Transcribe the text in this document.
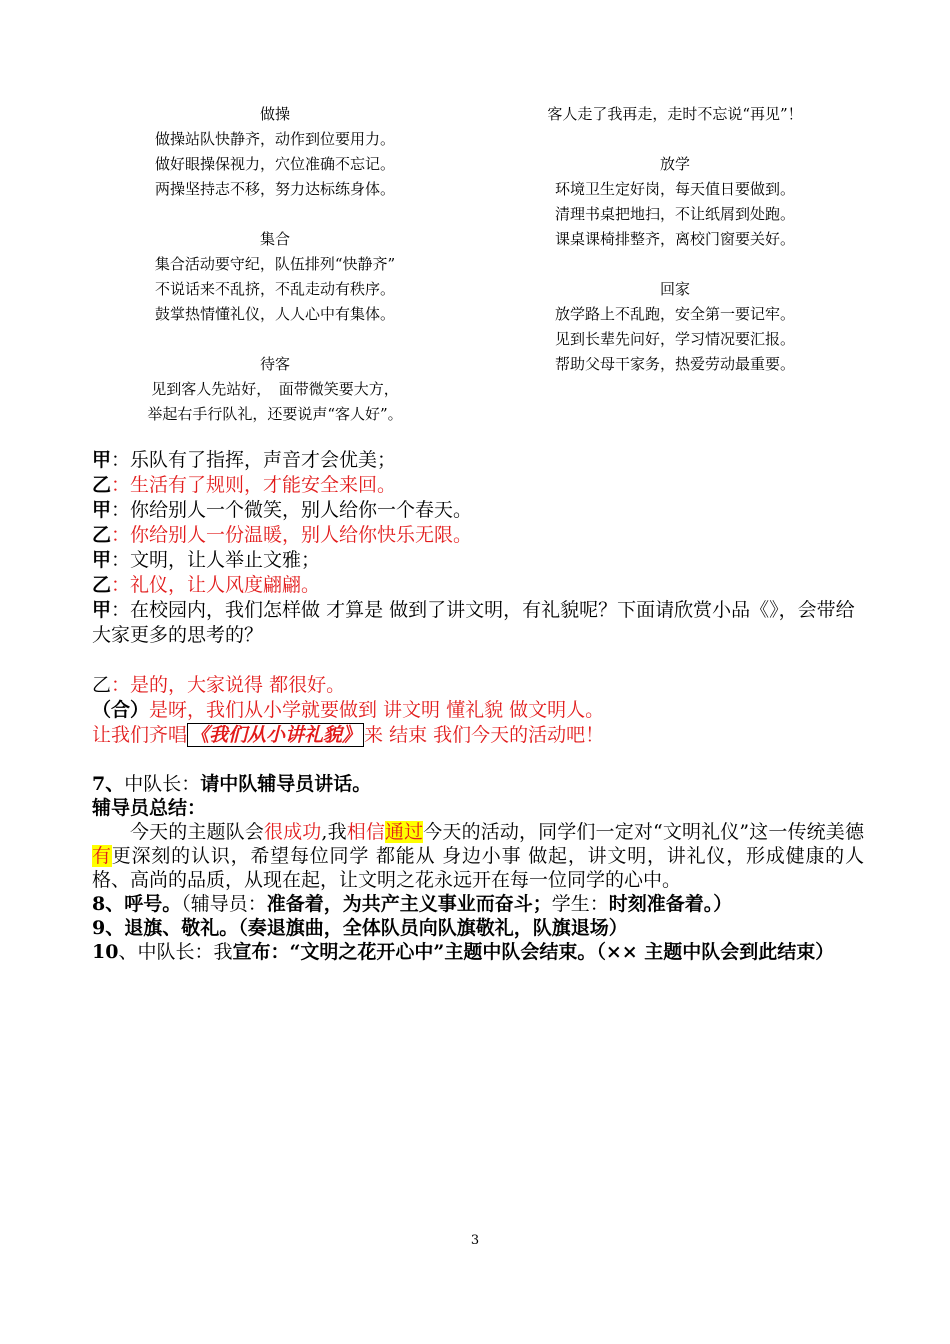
做操
做操站队快静齐，动作到位要用力。
做好眼操保视力，穴位准确不忘记。
两操坚持志不移，努力达标练身体。
集合
集合活动要守纪，队伍排列“快静齐”
不说话来不乱挤，不乱走动有秩序。
鼓掌热情懂礼仪，人人心中有集体。
待客
见到客人先站好，　面带微笑要大方，
举起右手行队礼，还要说声“客人好”。
客人走了我再走，走时不忘说“再见”！
放学
环境卫生定好岗，每天值日要做到。
清理书桌把地扫，不让纸屑到处跑。
课桌课椅排整齐，离校门窗要关好。
回家
放学路上不乱跑，安全第一要记牢。
见到长辈先问好，学习情况要汇报。
帮助父母干家务，热爱劳动最重要。
甲：乐队有了指挥，声音才会优美；
乙：生活有了规则，才能安全来回。
甲：你给别人一个微笑，别人给你一个春天。
乙：你给别人一份温暖，别人给你快乐无限。
甲：文明，让人举止文雅；
乙：礼仪，让人风度翩翩。
甲：在校园内，我们怎样做 才算是 做到了讲文明，有礼貌呢？下面请欣赏小品《》，会带给大家更多的思考的？
乙：是的，大家说得 都很好。
（合）是呀，我们从小学就要做到 讲文明 懂礼貌 做文明人。
让我们齐唱 《我们从小讲礼貌》 来 结束 我们今天的活动吧！
7、中队长：请中队辅导员讲话。
辅导员总结：
今天的主题队会很成功,我相信通过今天的活动，同学们一定对“文明礼仪”这一传统美德有更深刻的认识，希望每位同学 都能从 身边小事 做起，讲文明，讲礼仪，形成健康的人格、高尚的品质，从现在起，让文明之花永远开在每一位同学的心中。
8、呼号。（辅导员：准备着，为共产主义事业而奋斗；学生：时刻准备着。）
9、退旗、敬礼。（奏退旗曲，全体队员向队旗敬礼，队旗退场）
10、中队长：我宣布：“文明之花开心中”主题中队会结束。（×× 主题中队会到此结束）
3
